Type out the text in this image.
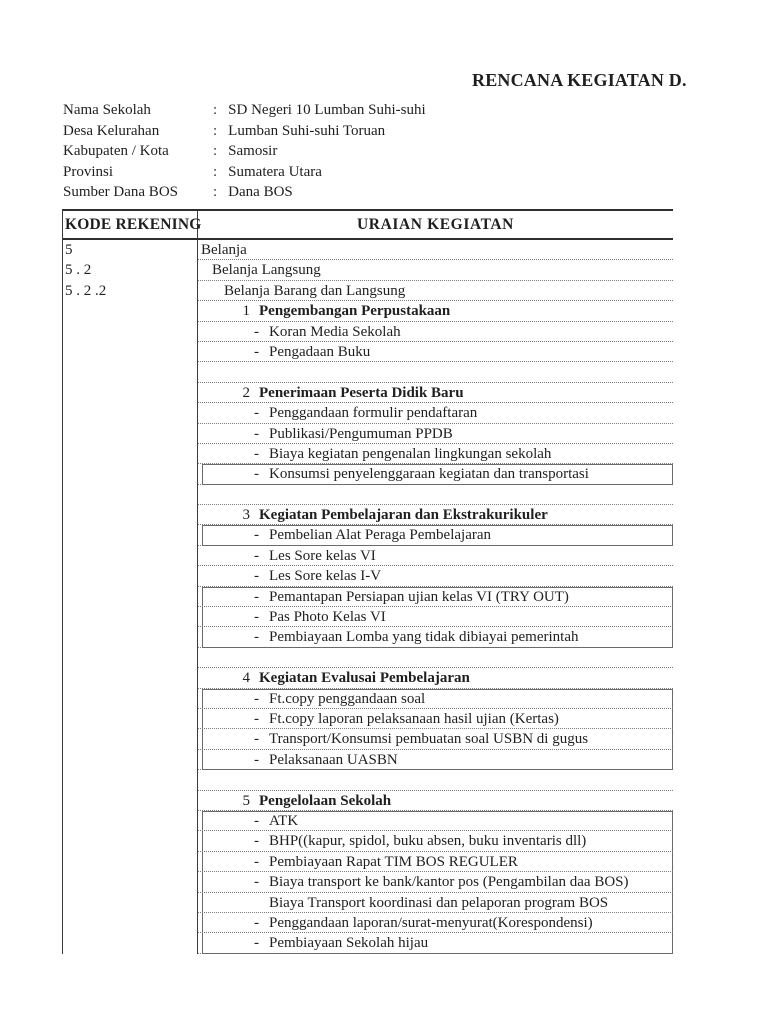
RENCANA KEGIATAN D.
Nama Sekolah	: SD Negeri 10 Lumban Suhi-suhi
Desa Kelurahan	: Lumban Suhi-suhi Toruan
Kabupaten / Kota	: Samosir
Provinsi	: Sumatera Utara
Sumber Dana BOS : Dana BOS
KODE REKENING	URAIAN KEGIATAN
5	Belanja
5 . 2	Belanja Langsung
5 . 2 .2	Belanja Barang dan Langsung
1 Pengembangan Perpustakaan
- Koran Media Sekolah
- Pengadaan Buku
2 Penerimaan Peserta Didik Baru
- Penggandaan formulir pendaftaran
- Publikasi/Pengumuman PPDB
- Biaya kegiatan pengenalan lingkungan sekolah
- Konsumsi penyelenggaraan kegiatan dan transportasi
3 Kegiatan Pembelajaran dan Ekstrakurikuler
- Pembelian Alat Peraga Pembelajaran
- Les Sore kelas VI
- Les Sore kelas I-V
- Pemantapan Persiapan ujian kelas VI (TRY OUT)
- Pas Photo Kelas VI
- Pembiayaan Lomba yang tidak dibiayai pemerintah
4 Kegiatan Evalusai Pembelajaran
- Ft.copy penggandaan soal
- Ft.copy laporan pelaksanaan hasil ujian (Kertas)
- Transport/Konsumsi pembuatan soal USBN di gugus
- Pelaksanaan UASBN
5 Pengelolaan Sekolah
- ATK
- BHP((kapur, spidol, buku absen, buku inventaris dll)
- Pembiayaan Rapat TIM BOS REGULER
- Biaya transport ke bank/kantor pos (Pengambilan daa BOS)
Biaya Transport koordinasi dan pelaporan program BOS
- Penggandaan laporan/surat-menyurat(Korespondensi)
- Pembiayaan Sekolah hijau
